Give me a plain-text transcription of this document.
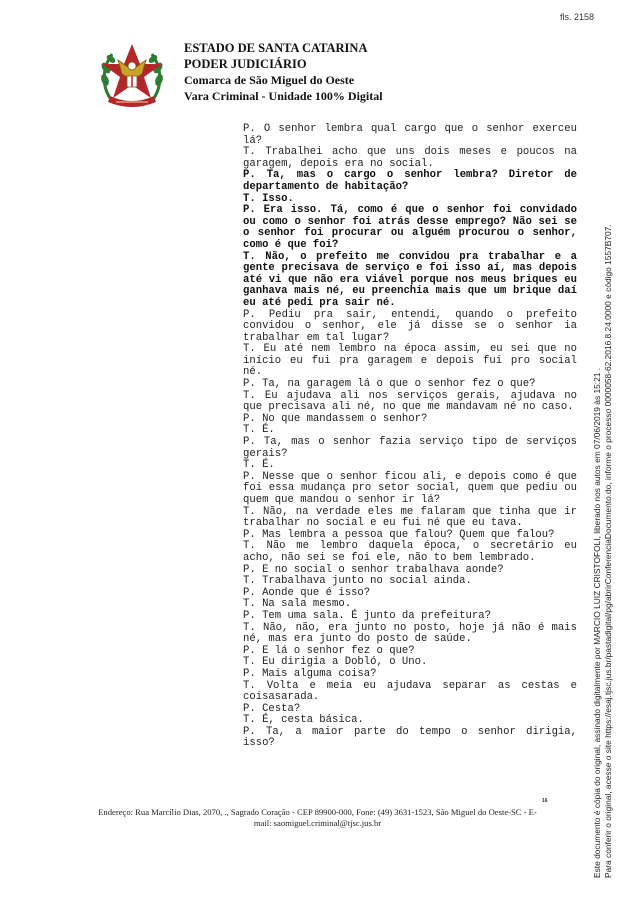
fls. 2158
ESTADO DE SANTA CATARINA
PODER JUDICIÁRIO
Comarca de São Miguel do Oeste
Vara Criminal - Unidade 100% Digital

P. O senhor lembra qual cargo que o senhor exerceu lá?

T. Trabalhei acho que uns dois meses e poucos na garagem, depois era no social.

P. Ta, mas o cargo o senhor lembra? Diretor de departamento de habitação?

T. Isso.

P. Era isso. Tá, como é que o senhor foi convidado ou como o senhor foi atrás desse emprego? Não sei se o senhor foi procurar ou alguém procurou o senhor, como é que foi?

T. Não, o prefeito me convidou pra trabalhar e a gente precisava de serviço e foi isso aí, mas depois até vi que não era viável porque nos meus briques eu ganhava mais né, eu preenchia mais que um brique daí eu até pedi pra sair né.

P. Pediu pra sair, entendi, quando o prefeito convidou o senhor, ele já disse se o senhor ia trabalhar em tal lugar?

T. Eu até nem lembro na época assim, eu sei que no início eu fui pra garagem e depois fui pro social né.

P. Ta, na garagem lá o que o senhor fez o que?

T. Eu ajudava ali nos serviços gerais, ajudava no que precisava ali né, no que me mandavam né no caso.

P. No que mandassem o senhor?

T. É.

P. Ta, mas o senhor fazia serviço tipo de serviços gerais?

T. É.

P. Nesse que o senhor ficou ali, e depois como é que foi essa mudança pro setor social, quem que pediu ou quem que mandou o senhor ir lá?

T. Não, na verdade eles me falaram que tinha que ir trabalhar no social e eu fui né que eu tava.

P. Mas lembra a pessoa que falou? Quem que falou?

T. Não me lembro daquela época, o secretário eu acho, não sei se foi ele, não to bem lembrado.

P. E no social o senhor trabalhava aonde?

T. Trabalhava junto no social ainda.

P. Aonde que é isso?

T. Na sala mesmo.

P. Tem uma sala. É junto da prefeitura?

T. Não, não, era junto no posto, hoje já não é mais né, mas era junto do posto de saúde.

P. E lá o senhor fez o que?

T. Eu dirigia a Dobló, o Uno.

P. Mais alguma coisa?

T. Volta e meia eu ajudava separar as cestas e coisasarada.

P. Cesta?

T. É, cesta básica.

P. Ta, a maior parte do tempo o senhor dirigia, isso?

16
Endereço: Rua Marcílio Dias, 2070, ., Sagrado Coração - CEP 89900-000, Fone: (49) 3631-1523, São Miguel do Oeste-SC - E-mail: saomiguel.criminal@tjsc.jus.br	Este documento é cópia do original, assinado digitalmente por MARCIO LUIZ CRISTOFOLI, liberado nos autos em 07/06/2019 às 15:21 . Para conferir o original, acesse o site https://esaj.tjsc.jus.br/pastadigital/pg/abrirConferenciaDocumento.do, informe o processo 0000058-62.2016.8.24.0000 e código 1557B707.
